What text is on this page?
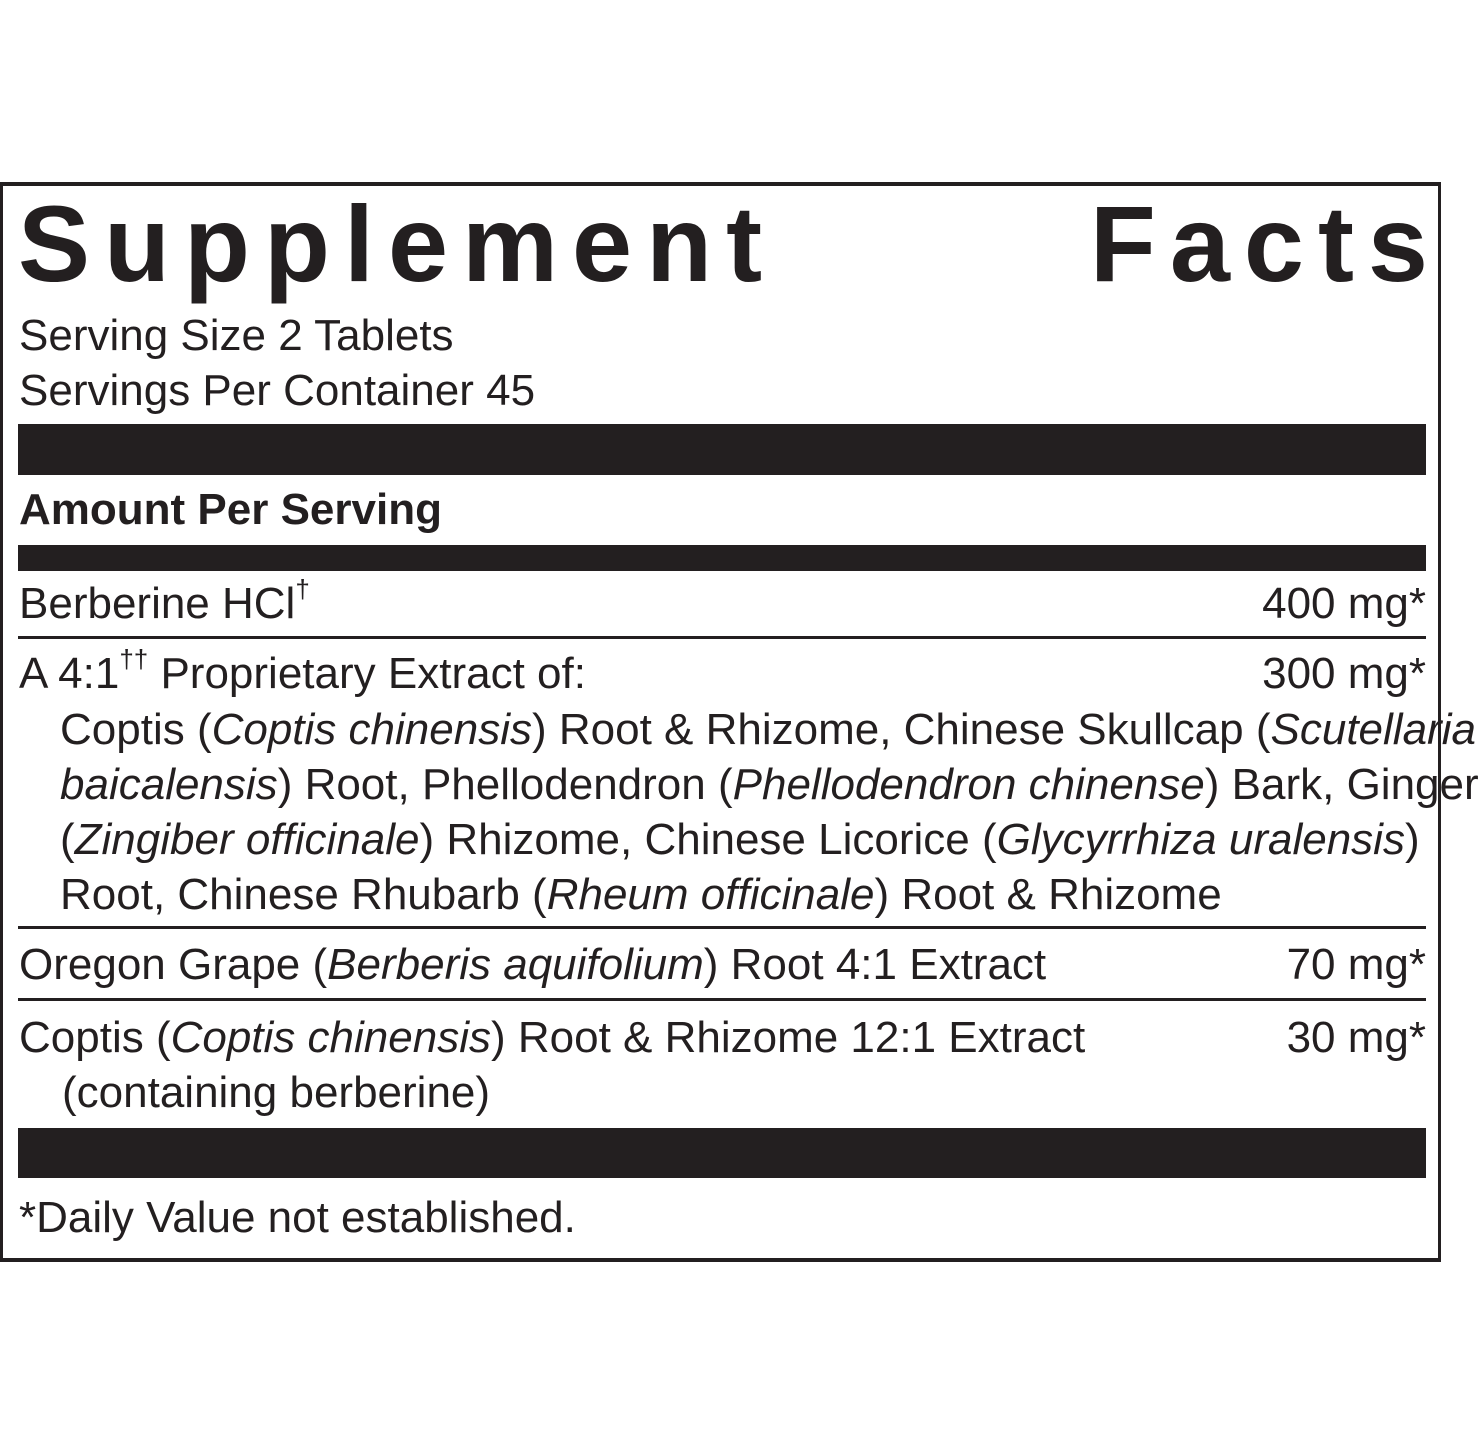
Supplement	Facts
Serving Size 2 Tablets
Servings Per Container 45
Amount Per Serving
Berberine HCl†	400 mg*
A 4:1†† Proprietary Extract of:	300 mg*
Coptis (Coptis chinensis) Root & Rhizome, Chinese Skullcap (Scutellaria
baicalensis) Root, Phellodendron (Phellodendron chinense) Bark, Ginger
(Zingiber officinale) Rhizome, Chinese Licorice (Glycyrrhiza uralensis)
Root, Chinese Rhubarb (Rheum officinale) Root & Rhizome
Oregon Grape (Berberis aquifolium) Root 4:1 Extract	70 mg*
Coptis (Coptis chinensis) Root & Rhizome 12:1 Extract	30 mg*
(containing berberine)
*Daily Value not established.
